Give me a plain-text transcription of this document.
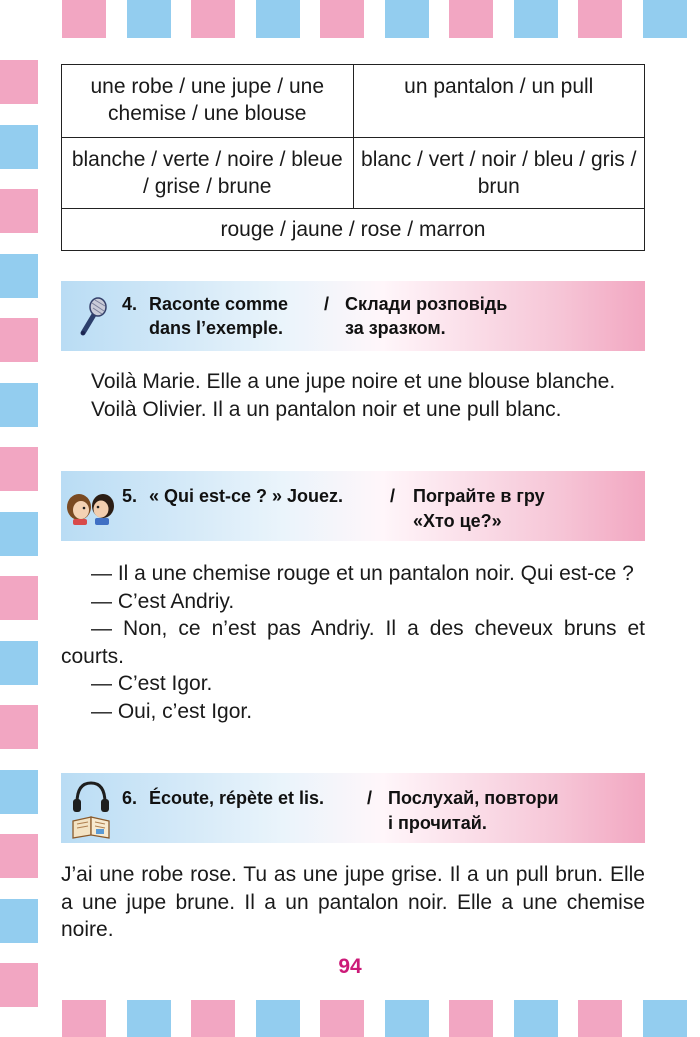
une robe / une jupe / une chemise / une blouse	un pantalon / un pull
blanche / verte / noire / bleue / grise / brune	blanc / vert / noir / bleu / gris / brun
rouge / jaune / rose / marron	
4. Raconte comme
dans l’exemple.
/ Склади розповідь
за зразком.
Voilà Marie. Elle a une jupe noire et une blouse blanche.
Voilà Olivier. Il a un pantalon noir et une pull blanc.
5. « Qui est-ce ? » Jouez.	/ Пограйте в гру
«Хто це?»
— Il a une chemise rouge et un pantalon noir. Qui est-ce ?
— C’est Andriy.
— Non, ce n’est pas Andriy. Il a des cheveux bruns et courts.
— C’est Igor.
— Oui, c’est Igor.
6. Écoute, répète et lis. / Послухай, повтори
і прочитай.

J’ai une robe rose. Tu as une jupe grise. Il a un pull brun. Elle a une jupe brune. Il a un pantalon noir. Elle a une chemise noire.

94
